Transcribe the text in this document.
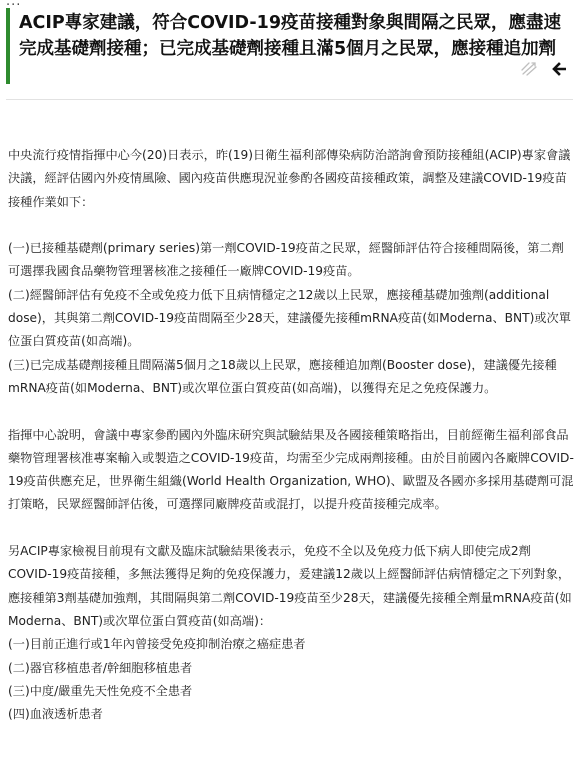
...
ACIP專家建議，符合COVID-19疫苗接種對象與間隔之民眾，應盡速完成基礎劑接種；已完成基礎劑接種且滿5個月之民眾，應接種追加劑

中央流行疫情指揮中心今(20)日表示，昨(19)日衛生福利部傳染病防治諮詢會預防接種組(ACIP)專家會議決議，經評估國內外疫情風險、國內疫苗供應現況並參酌各國疫苗接種政策，調整及建議COVID-19疫苗接種作業如下：

(一)已接種基礎劑(primary series)第一劑COVID-19疫苗之民眾，經醫師評估符合接種間隔後，第二劑可選擇我國食品藥物管理署核准之接種任一廠牌COVID-19疫苗。

(二)經醫師評估有免疫不全或免疫力低下且病情穩定之12歲以上民眾，應接種基礎加強劑(additional dose)，其與第二劑COVID-19疫苗間隔至少28天，建議優先接種mRNA疫苗(如Moderna、BNT)或次單位蛋白質疫苗(如高端)。

(三)已完成基礎劑接種且間隔滿5個月之18歲以上民眾，應接種追加劑(Booster dose)，建議優先接種mRNA疫苗(如Moderna、BNT)或次單位蛋白質疫苗(如高端)，以獲得充足之免疫保護力。

指揮中心說明，會議中專家參酌國內外臨床研究與試驗結果及各國接種策略指出，目前經衛生福利部食品藥物管理署核准專案輸入或製造之COVID-19疫苗，均需至少完成兩劑接種。由於目前國內各廠牌COVID-19疫苗供應充足，世界衛生組織(World Health Organization, WHO)、歐盟及各國亦多採用基礎劑可混打策略，民眾經醫師評估後，可選擇同廠牌疫苗或混打，以提升疫苗接種完成率。

另ACIP專家檢視目前現有文獻及臨床試驗結果後表示，免疫不全以及免疫力低下病人即使完成2劑COVID-19疫苗接種，多無法獲得足夠的免疫保護力，爰建議12歲以上經醫師評估病情穩定之下列對象，應接種第3劑基礎加強劑，其間隔與第二劑COVID-19疫苗至少28天，建議優先接種全劑量mRNA疫苗(如Moderna、BNT)或次單位蛋白質疫苗(如高端)：

(一)目前正進行或1年內曾接受免疫抑制治療之癌症患者

(二)器官移植患者/幹細胞移植患者

(三)中度/嚴重先天性免疫不全患者

(四)血液透析患者
